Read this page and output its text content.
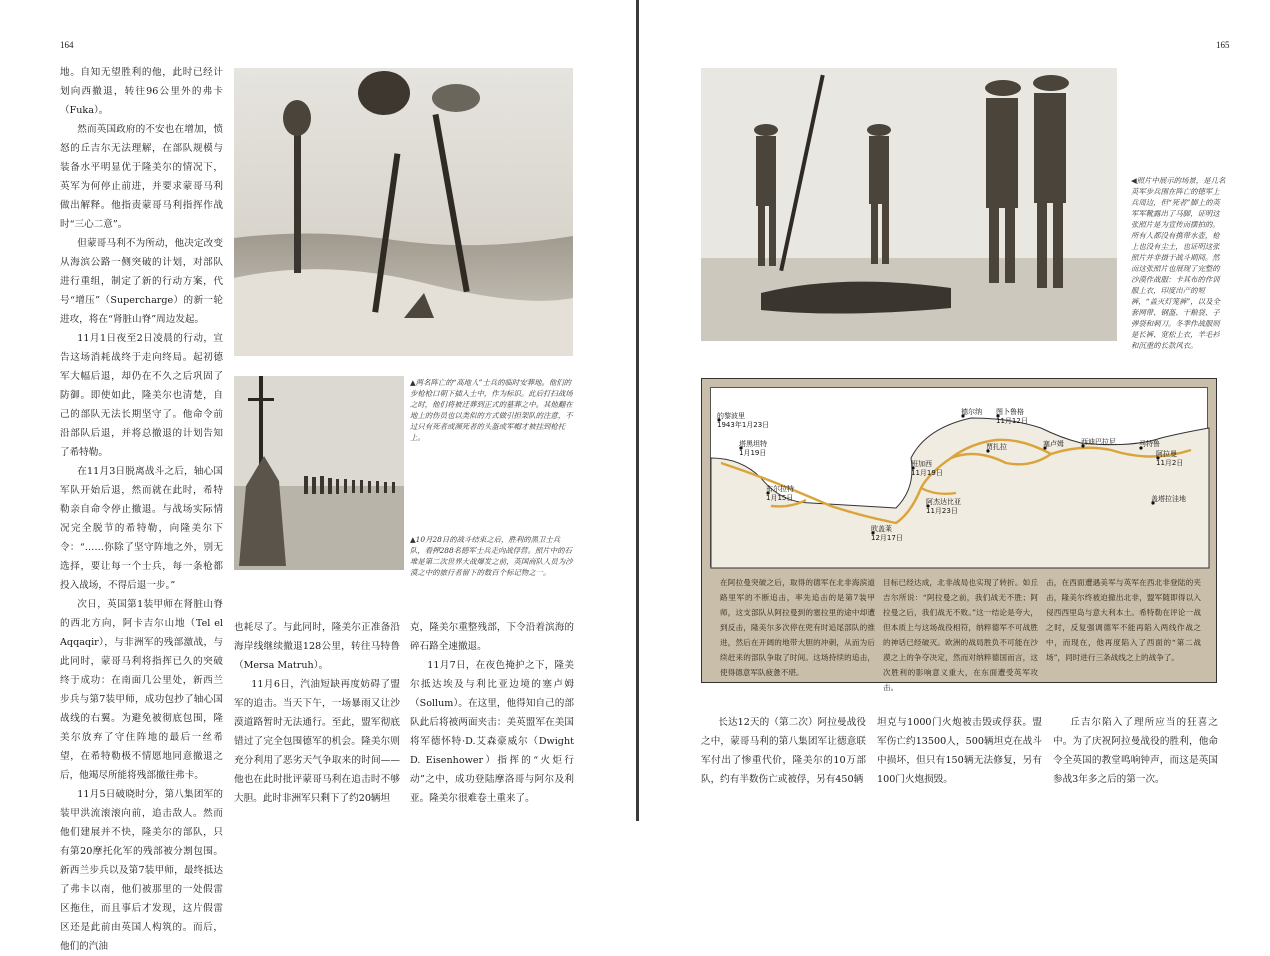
164

地。自知无望胜利的他，此时已经计划向西撤退，转往96公里外的弗卡（Fuka）。

然而英国政府的不安也在增加，愤怒的丘吉尔无法理解，在部队规模与装备水平明显优于隆美尔的情况下，英军为何停止前进，并要求蒙哥马利做出解释。他指责蒙哥马利指挥作战时“三心二意”。

但蒙哥马利不为所动，他决定改变从海滨公路一侧突破的计划，对部队进行重组，制定了新的行动方案，代号“增压”（Supercharge）的新一轮进攻，将在“肾脏山脊”周边发起。

11月1日夜至2日凌晨的行动，宣告这场消耗战终于走向终局。起初德军大幅后退，却仍在不久之后巩固了防御。即使如此，隆美尔也清楚，自己的部队无法长期坚守了。他命令前沿部队后退，并将总撤退的计划告知了希特勒。

在11月3日脱离战斗之后，轴心国军队开始后退，然而就在此时，希特勒亲自命令停止撤退。与战场实际情况完全脱节的希特勒，向隆美尔下令：“……你除了坚守阵地之外，别无选择，要让每一个士兵，每一条枪都投入战场，不得后退一步。”

次日，英国第1装甲师在肾脏山脊的西北方向，阿卡吉尔山地（Tel el Aqqaqir），与非洲军的残部激战，与此同时，蒙哥马利将指挥已久的突破终于成功：在南面几公里处，新西兰步兵与第7装甲师，成功包抄了轴心国战线的右翼。为避免被彻底包围，隆美尔放弃了守住阵地的最后一丝希望，在希特勒极不情愿地同意撤退之后，他竭尽所能将残部撤往弗卡。

11月5日破晓时分，第八集团军的装甲洪流滚滚向前，追击敌人。然而他们建展并不快，隆美尔的部队，只有第20摩托化军的残部被分割包围。新西兰步兵以及第7装甲师，最终抵达了弗卡以南，他们被那里的一处假雷区拖住，而且事后才发现，这片假雷区还是此前由英国人构筑的。而后，他们的汽油

▲两名阵亡的“高地人”士兵的临时安葬地。他们的步枪枪口朝下插入土中，作为标识。此后打扫战场之时，他们将被迁葬到正式的墓葬之中。其他翻在地上的伤员也以类似的方式做引担架队的注意，不过只有死者或濒死者的头盔或军帽才被挂到枪托上。
▲10月28日的战斗结束之后，胜利的黑卫士兵队，看押288名德军士兵走向战俘营。照片中的石堆是第二次世界大战爆发之前，英国商队人员为沙漠之中的旅行者留下的数百个标记物之一。

也耗尽了。与此同时，隆美尔正准备沿海岸线继续撤退128公里，转往马特鲁（Mersa Matruh）。

11月6日，汽油短缺再度妨碍了盟军的追击。当天下午，一场暴雨又让沙漠道路暂时无法通行。至此，盟军彻底错过了完全包围德军的机会。隆美尔则充分利用了恶劣天气争取来的时间——他也在此时批评蒙哥马利在追击时不够大胆。此时非洲军只剩下了约20辆坦

克，隆美尔重整残部，下令沿着滨海的碎石路全速撤退。

11月7日，在夜色掩护之下，隆美尔抵达埃及与利比亚边境的塞卢姆（Sollum）。在这里，他得知自己的部队此后将被两面夹击：美英盟军在美国将军德怀特·D.艾森豪威尔（Dwight D. Eisenhower）指挥的“火炬行动”之中，成功登陆摩洛哥与阿尔及利亚。隆美尔很难卷土重来了。

165
◀照片中展示的场景，是几名英军步兵围在阵亡的德军上兵周边，但“死者”脚上的英军军靴露出了马脚，证明这张照片是为宣传而摆拍的。所有人都没有携带水壶，枪上也没有尘土，也证明这张照片并非摄于战斗期间。然而这张照片也展现了完整的沙漠作战服：卡其布的作训服上衣，印度出产的短裤，“盖灭灯笼裤”，以及全套网带、钢盔、干粮袋、子弹袋和刺刀。冬季作战服则是长裤、宽松上衣，羊毛衫和沉重的长款风衣。
欧盖莱
12月17日
贾扎拉
德尔纳 图卜鲁格
11月12日
塞卢姆 西迪巴拉尼	马特鲁
阿拉曼
11月2日
的黎波里
1943年1月23日
塔黑坦特
1月19日
布尔拉特
1月15日
班加西
11月19日
阿杰达比亚
11月23日
盖塔拉洼地
在阿拉曼突破之后，取得的德军在北非海滨道路里军的不断追击，率先追击的是第7装甲师，这支部队从阿拉曼到的塞拉里的途中却遭到反击，隆美尔多次停在兜有时追尾部队的推进，然后在开阔的地带大胆的冲刺，从而为后续赶来的部队争取了时间。这场持续的追击，使得德意军队疲惫不堪。
目标已经达成，北非战局也实现了转折。如丘吉尔所说：“阿拉曼之前，我们战无不胜；阿拉曼之后，我们战无不败。”这一结论是夸大，但本质上与这场战役相符，纳粹德军不可战胜的神话已经破灭。欧洲的战局胜负不可能在沙漠之上的争夺决定，然而对纳粹德国而言，这次胜利的影响意义重大，在东面遭受英军攻击。
击，在西面遭遇美军与英军在西北非登陆的夹击，隆美尔终被迫撤出北非，盟军随即得以入侵西西里岛与意大利本土。希特勒在评论一战之时，反复强调德军不能再陷入两线作战之中，而现在，他再度陷入了西面的“第二战场”，同时进行三条战线之上的战争了。

长达12天的（第二次）阿拉曼战役之中，蒙哥马利的第八集团军让德意联军付出了惨重代价，隆美尔的10万部队，约有半数伤亡或被俘，另有450辆

坦克与1000门火炮被击毁或俘获。盟军伤亡约13500人，500辆坦克在战斗中损坏，但只有150辆无法修复，另有100门火炮损毁。

丘吉尔陷入了理所应当的狂喜之中。为了庆祝阿拉曼战役的胜利，他命令全英国的教堂鸣响钟声，而这是英国参战3年多之后的第一次。
